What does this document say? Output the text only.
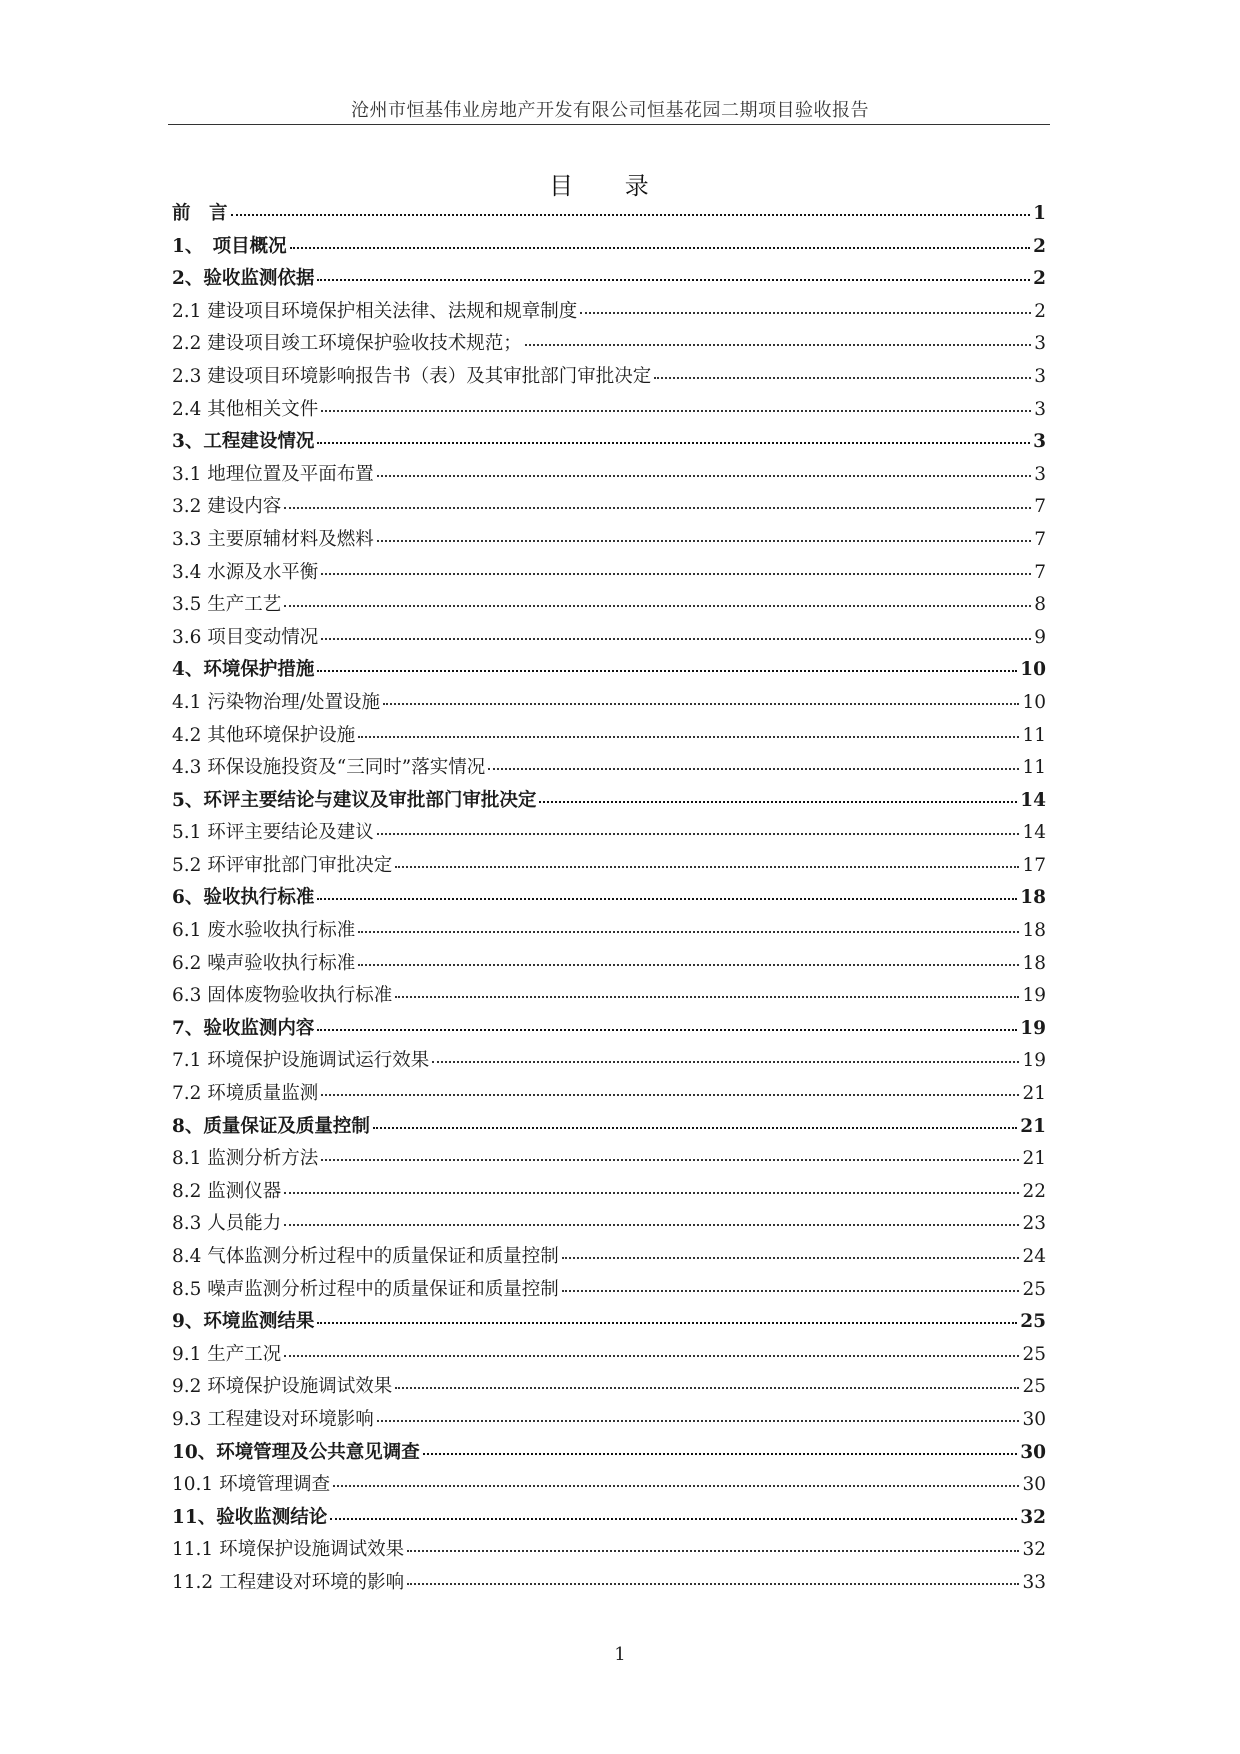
沧州市恒基伟业房地产开发有限公司恒基花园二期项目验收报告
目 录
前　言	1
1、　项目概况	2
2、验收监测依据	2
2.1 建设项目环境保护相关法律、法规和规章制度	2
2.2 建设项目竣工环境保护验收技术规范；	3
2.3 建设项目环境影响报告书（表）及其审批部门审批决定	3
2.4 其他相关文件	3
3、工程建设情况	3
3.1 地理位置及平面布置	3
3.2 建设内容	7
3.3 主要原辅材料及燃料	7
3.4 水源及水平衡	7
3.5 生产工艺	8
3.6 项目变动情况	9
4、环境保护措施	10
4.1 污染物治理/处置设施	10
4.2 其他环境保护设施	11
4.3 环保设施投资及“三同时”落实情况	11
5、环评主要结论与建议及审批部门审批决定	14
5.1 环评主要结论及建议	14
5.2 环评审批部门审批决定	17
6、验收执行标准	18
6.1 废水验收执行标准	18
6.2 噪声验收执行标准	18
6.3 固体废物验收执行标准	19
7、验收监测内容	19
7.1 环境保护设施调试运行效果	19
7.2 环境质量监测	21
8、质量保证及质量控制	21
8.1 监测分析方法	21
8.2 监测仪器	22
8.3 人员能力	23
8.4 气体监测分析过程中的质量保证和质量控制	24
8.5 噪声监测分析过程中的质量保证和质量控制	25
9、环境监测结果	25
9.1 生产工况	25
9.2 环境保护设施调试效果	25
9.3 工程建设对环境影响	30
10、环境管理及公共意见调查	30
10.1 环境管理调查	30
11、验收监测结论	32
11.1 环境保护设施调试效果	32
11.2 工程建设对环境的影响	33
1
